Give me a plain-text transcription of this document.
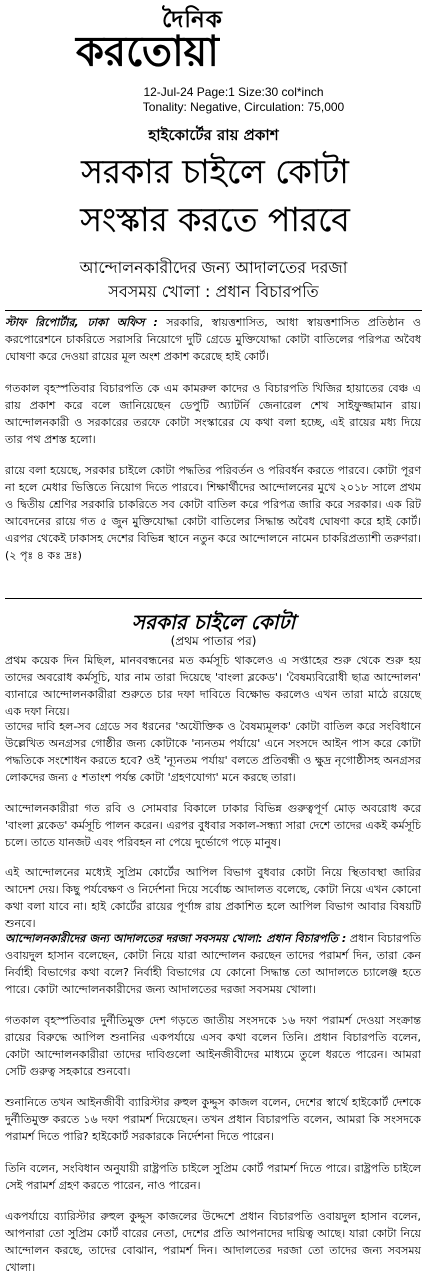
দৈনিক
করতোয়া
12-Jul-24 Page:1 Size:30 col*inch
Tonality: Negative, Circulation: 75,000
হাইকোর্টের রায় প্রকাশ
সরকার চাইলে কোটা
সংস্কার করতে পারবে
আন্দোলনকারীদের জন্য আদালতের দরজা
সবসময় খোলা : প্রধান বিচারপতি
স্টাফ রিপোর্টার, ঢাকা অফিস : সরকারি, স্বায়ত্তশাসিত, আধা স্বায়ত্তশাসিত প্রতিষ্ঠান ও করপোরেশনে চাকরিতে সরাসরি নিয়োগে দুটি গ্রেডে মুক্তিযোদ্ধা কোটা বাতিলের পরিপত্র অবৈধ ঘোষণা করে দেওয়া রায়ের মূল অংশ প্রকাশ করেছে হাই কোর্ট।
গতকাল বৃহস্পতিবার বিচারপতি কে এম কামরুল কাদের ও বিচারপতি খিজির হায়াতের বেঞ্চ এ রায় প্রকাশ করে বলে জানিয়েছেন ডেপুটি অ্যাটর্নি জেনারেল শেখ সাইফুজ্জামান রায়। আন্দোলনকারী ও সরকারের তরফে কোটা সংস্কারের যে কথা বলা হচ্ছে, এই রায়ের মধ্য দিয়ে তার পথ প্রশস্ত হলো।
রায়ে বলা হয়েছে, সরকার চাইলে কোটা পদ্ধতির পরিবর্তন ও পরিবর্ধন করতে পারবে। কোটা পূরণ না হলে মেধার ভিত্তিতে নিয়োগ দিতে পারবে। শিক্ষার্থীদের আন্দোলনের মুখে ২০১৮ সালে প্রথম ও দ্বিতীয় শ্রেণির সরকারি চাকরিতে সব কোটা বাতিল করে পরিপত্র জারি করে সরকার। এক রিট আবেদনের রায়ে গত ৫ জুন মুক্তিযোদ্ধা কোটা বাতিলের সিদ্ধান্ত অবৈধ ঘোষণা করে হাই কোর্ট। এরপর থেকেই ঢাকাসহ দেশের বিভিন্ন স্থানে নতুন করে আন্দোলনে নামেন চাকরিপ্রত্যাশী তরুণরা। (২ পৃঃ ৪ কঃ দ্রঃ)
সরকার চাইলে কোটা
(প্রথম পাতার পর)
প্রথম কয়েক দিন মিছিল, মানববন্ধনের মত কর্মসূচি থাকলেও এ সপ্তাহের শুরু থেকে শুরু হয় তাদের অবরোধ কর্মসূচি, যার নাম তারা দিয়েছে 'বাংলা ব্লকেড'। 'বৈষম্যবিরোধী ছাত্র আন্দোলন' ব্যানারে আন্দোলনকারীরা শুরুতে চার দফা দাবিতে বিক্ষোভ করলেও এখন তারা মাঠে রয়েছে এক দফা নিয়ে।
তাদের দাবি হল-সব গ্রেডে সব ধরনের 'অযৌক্তিক ও বৈষম্যমূলক' কোটা বাতিল করে সংবিধানে উল্লেখিত অনগ্রসর গোষ্ঠীর জন্য কোটাকে 'ন্যনতম পর্যায়ে' এনে সংসদে আইন পাস করে কোটা পদ্ধতিকে সংশোধন করতে হবে? ওই 'ন্যূনতম পর্যায়' বলতে প্রতিবন্ধী ও ক্ষুদ্র নৃগোষ্ঠীসহ অনগ্রসর লোকদের জন্য ৫ শতাংশ পর্যন্ত কোটা 'গ্রহণযোগ্য' মনে করছে তারা।
আন্দোলনকারীরা গত রবি ও সোমবার বিকালে ঢাকার বিভিন্ন গুরুত্বপূর্ণ মোড় অবরোধ করে 'বাংলা ব্লকেড' কর্মসূচি পালন করেন। এরপর বুধবার সকাল-সন্ধ্যা সারা দেশে তাদের একই কর্মসূচি চলে। তাতে যানজট এবং পরিবহন না পেয়ে দুর্ভোগে পড়ে মানুষ।
এই আন্দোলনের মধ্যেই সুপ্রিম কোর্টের আপিল বিভাগ বুধবার কোটা নিয়ে স্থিতাবস্থা জারির আদেশ দেয়। কিছু পর্যবেক্ষণ ও নির্দেশনা দিয়ে সর্বোচ্চ আদালত বলেছে, কোটা নিয়ে এখন কোনো কথা বলা যাবে না। হাই কোর্টের রায়ের পূর্ণাঙ্গ রায় প্রকাশিত হলে আপিল বিভাগ আবার বিষয়টি শুনবে।
আন্দোলনকারীদের জন্য আদালতের দরজা সবসময় খোলা: প্রধান বিচারপতি : প্রধান বিচারপতি ওবায়দুল হাসান বলেছেন, কোটা নিয়ে যারা আন্দোলন করছেন তাদের পরামর্শ দিন, তারা কেন নির্বাহী বিভাগের কথা বলে? নির্বাহী বিভাগের যে কোনো সিদ্ধান্ত তো আদালতে চ্যালেঞ্জ হতে পারে। কোটা আন্দোলনকারীদের জন্য আদালতের দরজা সবসময় খোলা।
গতকাল বৃহস্পতিবার দুর্নীতিমুক্ত দেশ গড়তে জাতীয় সংসদকে ১৬ দফা পরামর্শ দেওয়া সংক্রান্ত রায়ের বিরুদ্ধে আপিল শুনানির একপর্যায়ে এসব কথা বলেন তিনি। প্রধান বিচারপতি বলেন, কোটা আন্দোলনকারীরা তাদের দাবিগুলো আইনজীবীদের মাধ্যমে তুলে ধরতে পারেন। আমরা সেটি গুরুত্ব সহকারে শুনবো।
শুনানিতে তখন আইনজীবী ব্যারিস্টার রুহুল কুদ্দুস কাজল বলেন, দেশের স্বার্থে হাইকোর্ট দেশকে দুর্নীতিমুক্ত করতে ১৬ দফা পরামর্শ দিয়েছেন। তখন প্রধান বিচারপতি বলেন, আমরা কি সংসদকে পরামর্শ দিতে পারি? হাইকোর্ট সরকারকে নির্দেশনা দিতে পারেন।
তিনি বলেন, সংবিধান অনুযায়ী রাষ্ট্রপতি চাইলে সুপ্রিম কোর্ট পরামর্শ দিতে পারে। রাষ্ট্রপতি চাইলে সেই পরামর্শ গ্রহণ করতে পারেন, নাও পারেন।
একপর্যায়ে ব্যারিস্টার রুহুল কুদ্দুস কাজলের উদ্দেশে প্রধান বিচারপতি ওবায়দুল হাসান বলেন, আপনারা তো সুপ্রিম কোর্ট বারের নেতা, দেশের প্রতি আপনাদের দায়িত্ব আছে। যারা কোটা নিয়ে আন্দোলন করছে, তাদের বোঝান, পরামর্শ দিন। আদালতের দরজা তো তাদের জন্য সবসময় খোলা।
